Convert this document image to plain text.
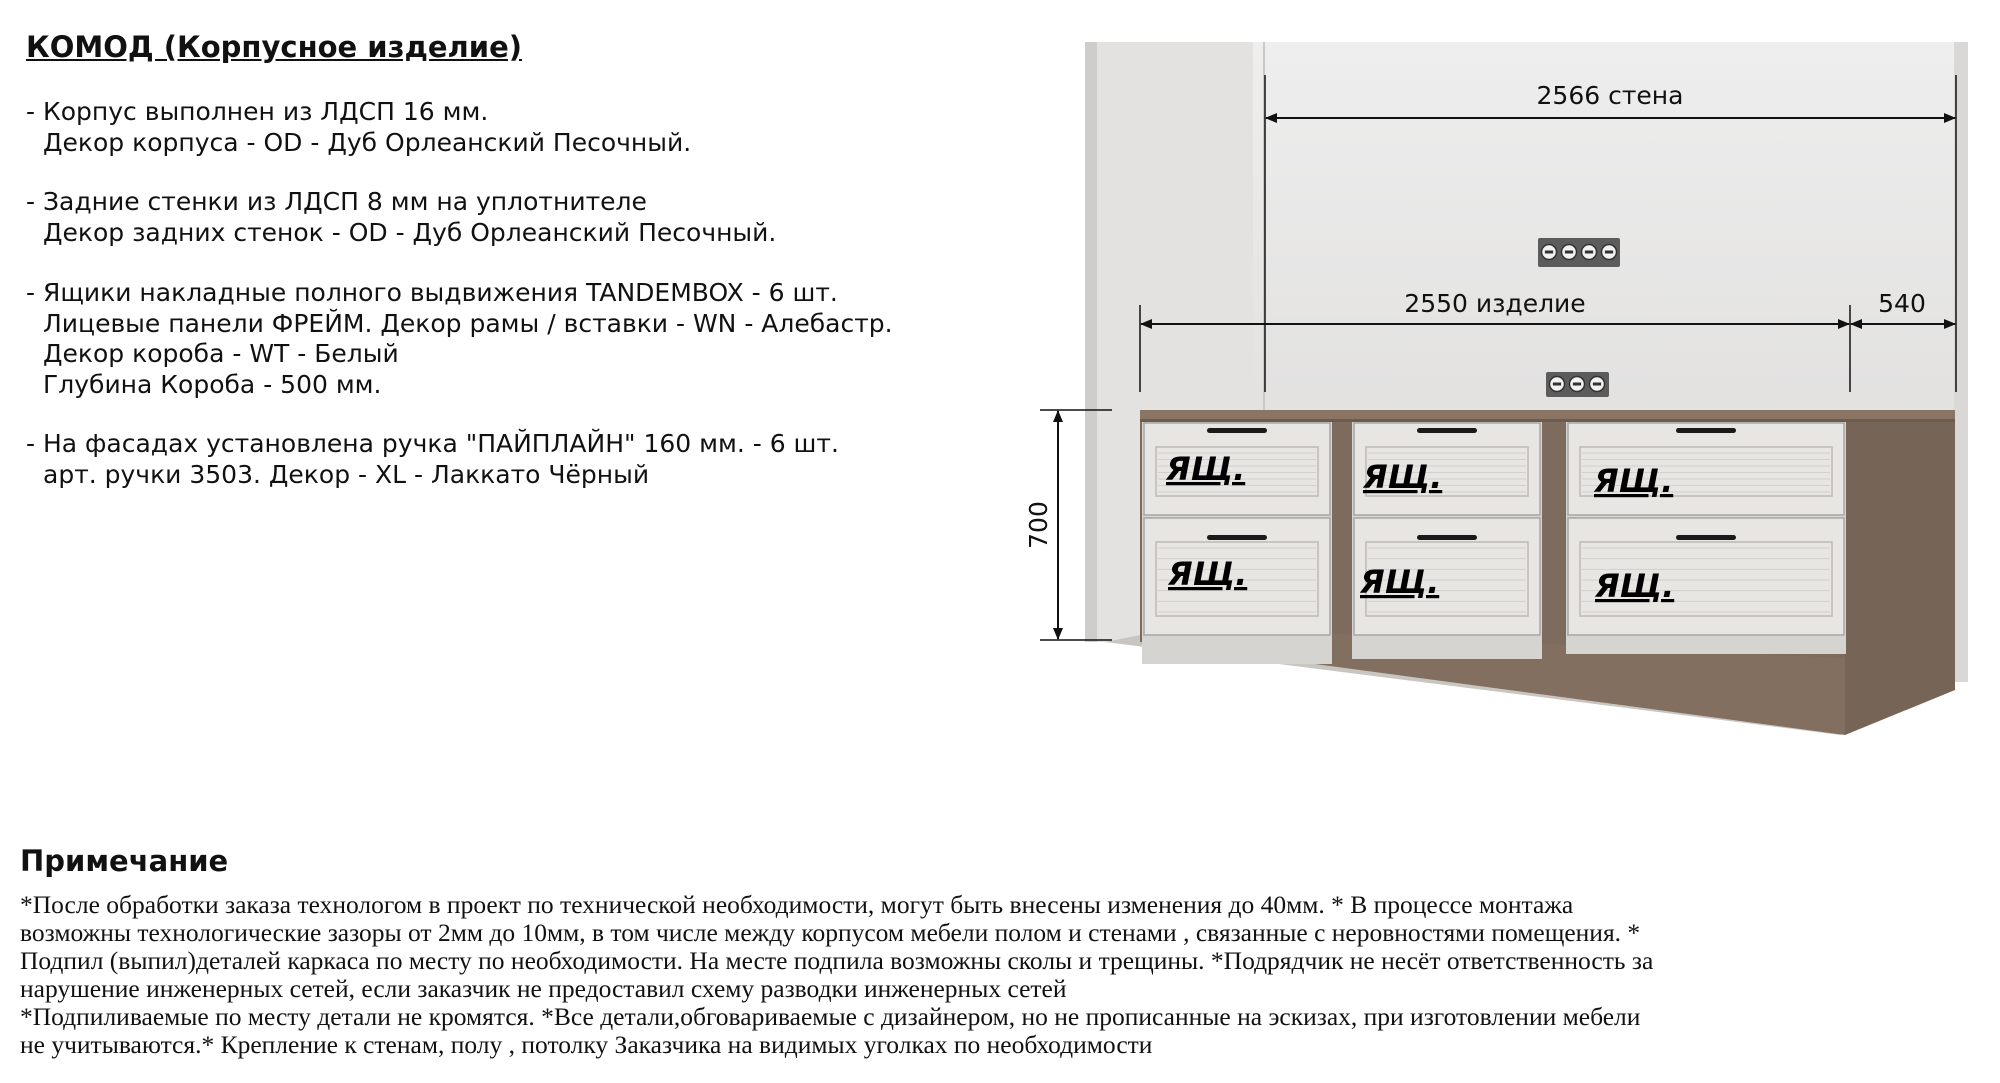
КОМОД (Корпусное изделие)
- Корпус выполнен из ЛДСП 16 мм.
Декор корпуса - OD - Дуб Орлеанский Песочный.
- Задние стенки из ЛДСП 8 мм на уплотнителе
Декор задних стенок - OD - Дуб Орлеанский Песочный.
- Ящики накладные полного выдвижения TANDEMBOX - 6 шт.
Лицевые панели ФРЕЙМ. Декор рамы / вставки - WN - Алебастр.
Декор короба - WT - Белый
Глубина Короба - 500 мм.
- На фасадах установлена ручка "ПАЙПЛАЙН" 160 мм. - 6 шт.
арт. ручки 3503. Декор - XL - Лаккато Чёрный	ЯЩ.
ЯЩ.
ЯЩ.
ЯЩ.
ЯЩ.
ЯЩ.
2566 стена
2550 изделие	540
700
Примечание
*После обработки заказа технологом в проект по технической необходимости, могут быть внесены изменения до 40мм. * В процессе монтажа
возможны технологические зазоры от 2мм до 10мм, в том числе между корпусом мебели полом и стенами , связанные с неровностями помещения. *
Подпил (выпил)деталей каркаса по месту по необходимости. На месте подпила возможны сколы и трещины. *Подрядчик не несёт ответственность за
нарушение инженерных сетей, если заказчик не предоставил схему разводки инженерных сетей
*Подпиливаемые по месту детали не кромятся. *Все детали,обговариваемые с дизайнером, но не прописанные на эскизах, при изготовлении мебели
не учитываются.* Крепление к стенам, полу , потолку Заказчика на видимых уголках по необходимости
